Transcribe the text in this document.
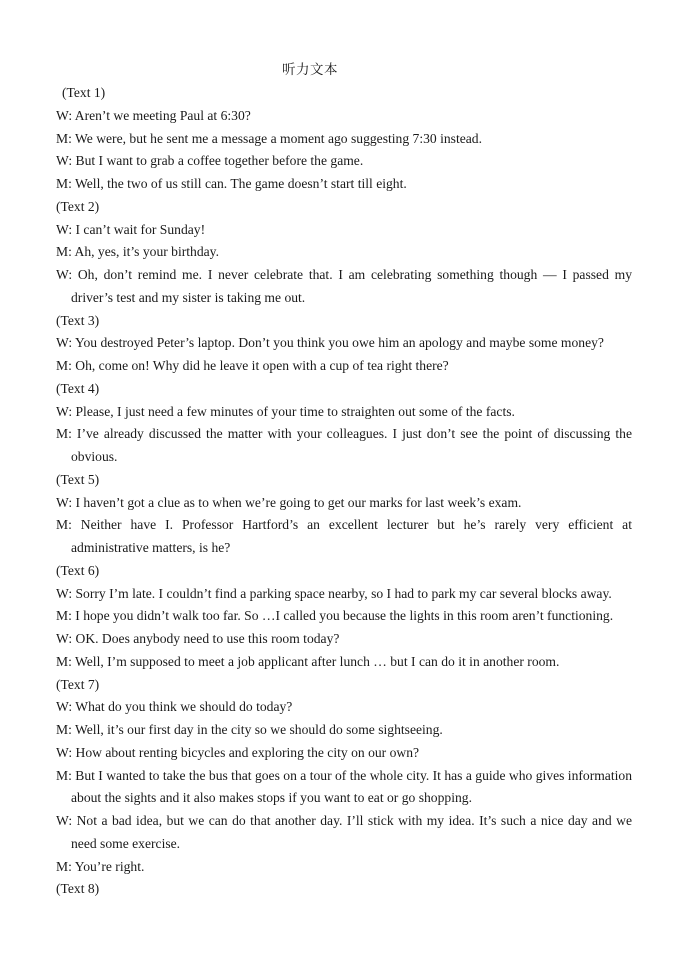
听力文本

(Text 1)

W: Aren’t we meeting Paul at 6:30?

M: We were, but he sent me a message a moment ago suggesting 7:30 instead.

W: But I want to grab a coffee together before the game.

M: Well, the two of us still can. The game doesn’t start till eight.

(Text 2)

W: I can’t wait for Sunday!

M: Ah, yes, it’s your birthday.

W: Oh, don’t remind me. I never celebrate that. I am celebrating something though — I passed my driver’s test and my sister is taking me out.

(Text 3)

W: You destroyed Peter’s laptop. Don’t you think you owe him an apology and maybe some money?

M: Oh, come on! Why did he leave it open with a cup of tea right there?

(Text 4)

W: Please, I just need a few minutes of your time to straighten out some of the facts.

M: I’ve already discussed the matter with your colleagues. I just don’t see the point of discussing the obvious.

(Text 5)

W: I haven’t got a clue as to when we’re going to get our marks for last week’s exam.

M: Neither have I. Professor Hartford’s an excellent lecturer but he’s rarely very efficient at administrative matters, is he?

(Text 6)

W: Sorry I’m late. I couldn’t find a parking space nearby, so I had to park my car several blocks away.

M: I hope you didn’t walk too far. So …I called you because the lights in this room aren’t functioning.

W: OK. Does anybody need to use this room today?

M: Well, I’m supposed to meet a job applicant after lunch … but I can do it in another room.

(Text 7)

W: What do you think we should do today?

M: Well, it’s our first day in the city so we should do some sightseeing.

W: How about renting bicycles and exploring the city on our own?

M: But I wanted to take the bus that goes on a tour of the whole city. It has a guide who gives information about the sights and it also makes stops if you want to eat or go shopping.

W: Not a bad idea, but we can do that another day. I’ll stick with my idea. It’s such a nice day and we need some exercise.

M: You’re right.

(Text 8)
